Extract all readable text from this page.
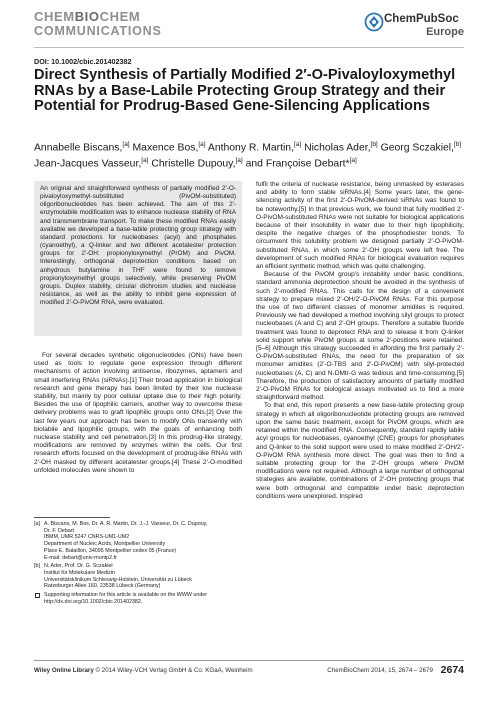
CHEMBIOCHEM
COMMUNICATIONS
ChemPubSoc
Europe
DOI: 10.1002/cbic.201402382
Direct Synthesis of Partially Modified 2′-O-Pivaloyloxymethyl RNAs by a Base-Labile Protecting Group Strategy and their Potential for Prodrug-Based Gene-Silencing Applications
Annabelle Biscans,[a] Maxence Bos,[a] Anthony R. Martin,[a] Nicholas Ader,[b] Georg Sczakiel,[b] Jean-Jacques Vasseur,[a] Christelle Dupouy,[a] and Françoise Debart*[a]
An original and straightforward synthesis of partially modified 2′-O-pivaloyloxymethyl-substituted (PivOM-substituted) oligoribonucleotides has been achieved. The aim of this 2′-enzymolabile modification was to enhance nuclease stability of RNA and transmembrane transport. To make these modified RNAs easily available we developed a base-labile protecting group strategy with standard protections for nucleobases (acyl) and phosphates (cyanoethyl), a Q-linker and two different acetalester protection groups for 2′-OH: propionyloxymethyl (PrOM) and PivOM. Interestingly, orthogonal deprotection conditions based on anhydrous butylamine in THF were found to remove propionyloxymethyl groups selectively, while preserving PivOM groups. Duplex stability, circular dichroism studies and nuclease resistance, as well as the ability to inhibit gene expression of modified 2′-O-PivOM RNA, were evaluated.

For several decades synthetic oligonucleotides (ONs) have been used as tools to regulate gene expression through different mechanisms of action involving antisense, ribozymes, aptamers and small interfering RNAs (siRNAs).[1] Their broad application in biological research and gene therapy has been limited by their low nuclease stability, but mainly by poor cellular uptake due to their high polarity. Besides the use of lipophilic carriers, another way to overcome these delivery problems was to graft lipophilic groups onto ONs.[2] Over the last few years our approach has been to modify ONs transiently with biolabile and lipophilic groups, with the goals of enhancing both nuclease stability and cell penetration.[3] In this prodrug-like strategy, modifications are removed by enzymes within the cells. Our first research efforts focused on the development of prodrug-like RNAs with 2′-OH masked by different acetalester groups.[4] These 2′-O-modified unfolded molecules were shown to

fulfil the criteria of nuclease resistance, being unmasked by esterases and ability to form stable siRNAs.[4] Some years later, the gene-silencing activity of the first 2′-O-PivOM-derived siRNAs was found to be noteworthy.[5] In that previous work, we found that fully modified 2′-O-PivOM-substituted RNAs were not suitable for biological applications because of their insolubility in water due to their high lipophilicity, despite the negative charges of the phosphodiester bonds. To circumvent this solubility problem we designed partially 2′-O-PivOM-substituted RNAs, in which some 2′-OH groups were left free. The development of such modified RNAs for biological evaluation requires an efficient synthetic method, which was quite challenging.

Because of the PivOM group's instability under basic conditions, standard ammonia deprotection should be avoided in the synthesis of such 2′-modified RNAs. This calls for the design of a convenient strategy to prepare mixed 2′-OH/2′-O-PivOM RNAs. For this purpose the use of two different classes of monomer amidites is required. Previously we had developed a method involving silyl groups to protect nucleobases (A and C) and 2′-OH groups. Therefore a suitable fluoride treatment was found to deprotect RNA and to release it from Q-linker solid support while PivOM groups at some 2′-positions were retained.[5–6] Although this strategy succeeded in affording the first partially 2′-O-PivOM-substituted RNAs, the need for the preparation of six monomer amidites (2′-O-TBS and 2′-O-PivOM) with silyl-protected nucleobases (A, C) and N-DMtr-G was tedious and time-consuming.[5] Therefore, the production of satisfactory amounts of partially modified 2′-O-PivOM RNAs for biological assays motivated us to find a more straightforward method.

To that end, this report presents a new base-labile protecting group strategy in which all oligoribonucleotide protecting groups are removed upon the same basic treatment, except for PivOM groups, which are retained within the modified RNA. Consequently, standard rapidly labile acyl groups for nucleobases, cyanoethyl (CNE) groups for phosphates and Q-linker to the solid support were used to make modified 2′-OH/2′-O-PivOM RNA synthesis more direct. The goal was then to find a suitable protecting group for the 2′-OH groups where PivOM modifications were not required. Although a large number of orthogonal strategies are available, combinations of 2′-OH protecting groups that were both orthogonal and compatible under basic deprotection conditions were unexplored. Inspired

[a] A. Biscans, M. Bos, Dr. A. R. Martin, Dr. J.-J. Vasseur, Dr. C. Dupouy,
Dr. F. Debart
IBMM, UMR 5247 CNRS-UM1-UM2
Department of Nucleic Acids, Montpellier University
Place E. Bataillon, 34095 Montpellier cedex 05 (France)
E-mail: debart@univ-montp2.fr
[b] N. Ader, Prof. Dr. G. Sczakiel
Institut für Molekulare Medizin
Universitätsklinikum Schleswig-Holstein, Universität zu Lübeck
Ratzeburger Allee 160, 23538 Lübeck (Germany)
Supporting information for this article is available on the WWW under
http://dx.doi.org/10.1002/cbic.201402382.
Wiley Online Library © 2014 Wiley-VCH Verlag GmbH & Co. KGaA, Weinheim	ChemBioChem 2014, 15, 2674 – 2679 2674
